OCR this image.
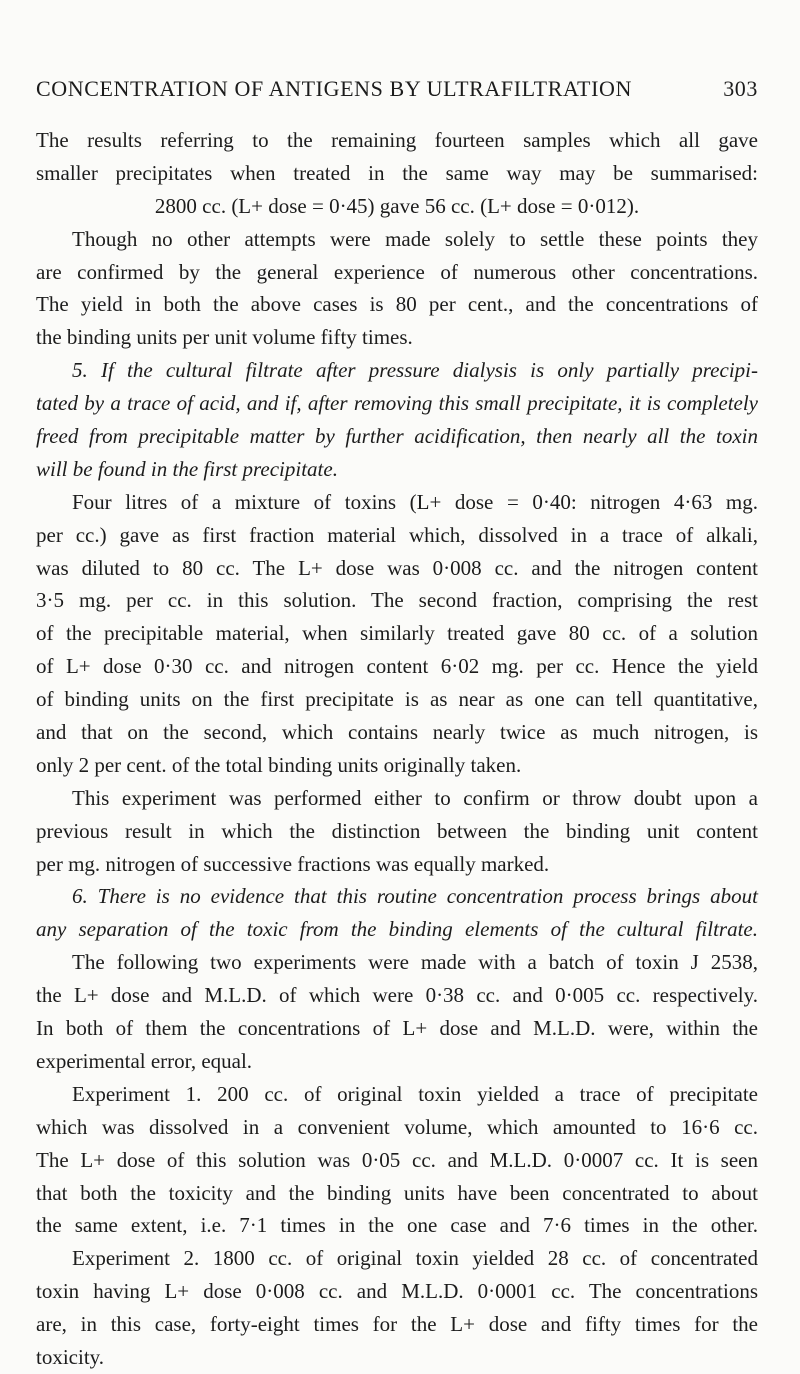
CONCENTRATION OF ANTIGENS BY ULTRAFILTRATION	303
The results referring to the remaining fourteen samples which all gave
smaller precipitates when treated in the same way may be summarised:
2800 cc. (L+ dose = 0·45) gave 56 cc. (L+ dose = 0·012).
Though no other attempts were made solely to settle these points they
are confirmed by the general experience of numerous other concentrations.
The yield in both the above cases is 80 per cent., and the concentrations of
the binding units per unit volume fifty times.
5. If the cultural filtrate after pressure dialysis is only partially precipi-
tated by a trace of acid, and if, after removing this small precipitate, it is completely
freed from precipitable matter by further acidification, then nearly all the toxin
will be found in the first precipitate.
Four litres of a mixture of toxins (L+ dose = 0·40: nitrogen 4·63 mg.
per cc.) gave as first fraction material which, dissolved in a trace of alkali,
was diluted to 80 cc. The L+ dose was 0·008 cc. and the nitrogen content
3·5 mg. per cc. in this solution. The second fraction, comprising the rest
of the precipitable material, when similarly treated gave 80 cc. of a solution
of L+ dose 0·30 cc. and nitrogen content 6·02 mg. per cc. Hence the yield
of binding units on the first precipitate is as near as one can tell quantitative,
and that on the second, which contains nearly twice as much nitrogen, is
only 2 per cent. of the total binding units originally taken.
This experiment was performed either to confirm or throw doubt upon a
previous result in which the distinction between the binding unit content
per mg. nitrogen of successive fractions was equally marked.
6. There is no evidence that this routine concentration process brings about
any separation of the toxic from the binding elements of the cultural filtrate.
The following two experiments were made with a batch of toxin J 2538,
the L+ dose and M.L.D. of which were 0·38 cc. and 0·005 cc. respectively.
In both of them the concentrations of L+ dose and M.L.D. were, within the
experimental error, equal.
Experiment 1. 200 cc. of original toxin yielded a trace of precipitate
which was dissolved in a convenient volume, which amounted to 16·6 cc.
The L+ dose of this solution was 0·05 cc. and M.L.D. 0·0007 cc. It is seen
that both the toxicity and the binding units have been concentrated to about
the same extent, i.e. 7·1 times in the one case and 7·6 times in the other.
Experiment 2. 1800 cc. of original toxin yielded 28 cc. of concentrated
toxin having L+ dose 0·008 cc. and M.L.D. 0·0001 cc. The concentrations
are, in this case, forty-eight times for the L+ dose and fifty times for the
toxicity.
